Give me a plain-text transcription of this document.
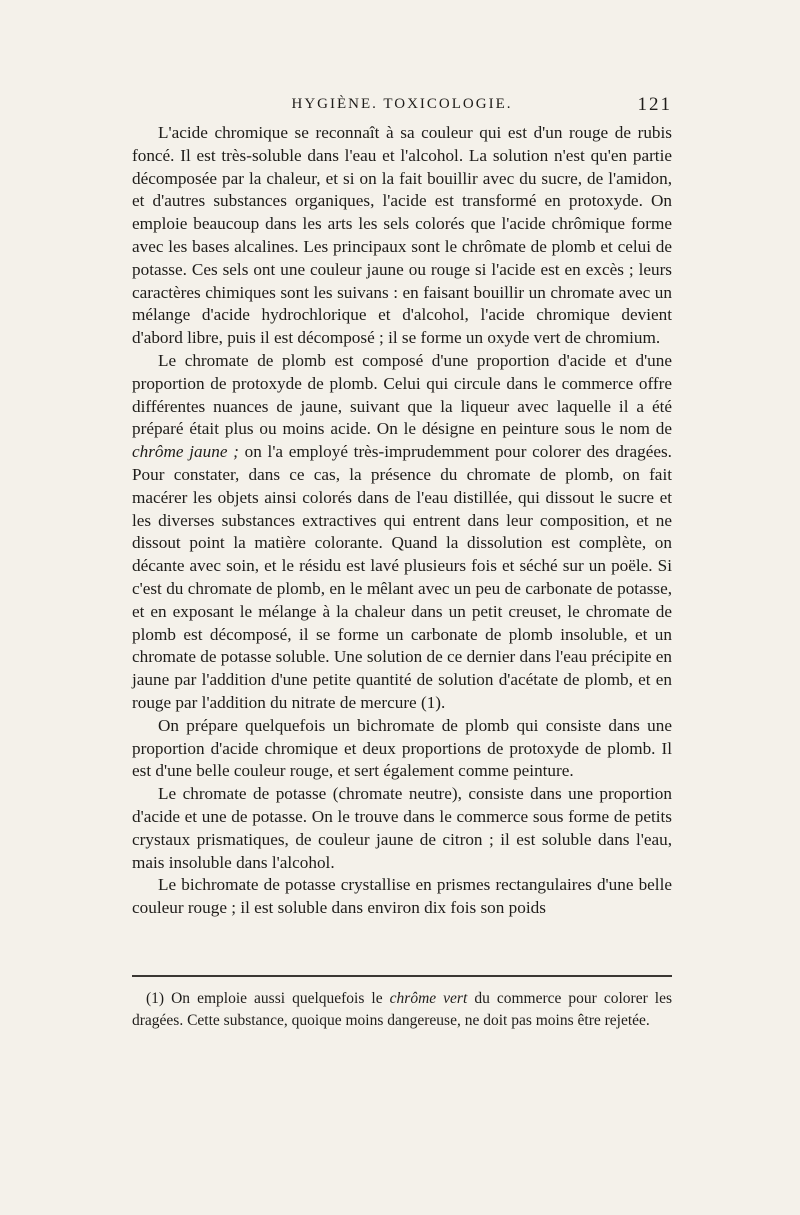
HYGIÈNE. TOXICOLOGIE.	121

L'acide chromique se reconnaît à sa couleur qui est d'un rouge de rubis foncé. Il est très-soluble dans l'eau et l'alcohol. La solution n'est qu'en partie décomposée par la chaleur, et si on la fait bouillir avec du sucre, de l'amidon, et d'autres substances organiques, l'acide est transformé en protoxyde. On emploie beaucoup dans les arts les sels colorés que l'acide chrômique forme avec les bases alcalines. Les principaux sont le chrômate de plomb et celui de potasse. Ces sels ont une couleur jaune ou rouge si l'acide est en excès ; leurs caractères chimiques sont les suivans : en faisant bouillir un chromate avec un mélange d'acide hydrochlorique et d'alcohol, l'acide chromique devient d'abord libre, puis il est décomposé ; il se forme un oxyde vert de chromium.

Le chromate de plomb est composé d'une proportion d'acide et d'une proportion de protoxyde de plomb. Celui qui circule dans le commerce offre différentes nuances de jaune, suivant que la liqueur avec laquelle il a été préparé était plus ou moins acide. On le désigne en peinture sous le nom de chrôme jaune ; on l'a employé très-imprudemment pour colorer des dragées. Pour constater, dans ce cas, la présence du chromate de plomb, on fait macérer les objets ainsi colorés dans de l'eau distillée, qui dissout le sucre et les diverses substances extractives qui entrent dans leur composition, et ne dissout point la matière colorante. Quand la dissolution est complète, on décante avec soin, et le résidu est lavé plusieurs fois et séché sur un poële. Si c'est du chromate de plomb, en le mêlant avec un peu de carbonate de potasse, et en exposant le mélange à la chaleur dans un petit creuset, le chromate de plomb est décomposé, il se forme un carbonate de plomb insoluble, et un chromate de potasse soluble. Une solution de ce dernier dans l'eau précipite en jaune par l'addition d'une petite quantité de solution d'acétate de plomb, et en rouge par l'addition du nitrate de mercure (1).

On prépare quelquefois un bichromate de plomb qui consiste dans une proportion d'acide chromique et deux proportions de protoxyde de plomb. Il est d'une belle couleur rouge, et sert également comme peinture.

Le chromate de potasse (chromate neutre), consiste dans une proportion d'acide et une de potasse. On le trouve dans le commerce sous forme de petits crystaux prismatiques, de couleur jaune de citron ; il est soluble dans l'eau, mais insoluble dans l'alcohol.

Le bichromate de potasse crystallise en prismes rectangulaires d'une belle couleur rouge ; il est soluble dans environ dix fois son poids

(1) On emploie aussi quelquefois le chrôme vert du commerce pour colorer les dragées. Cette substance, quoique moins dangereuse, ne doit pas moins être rejetée.
